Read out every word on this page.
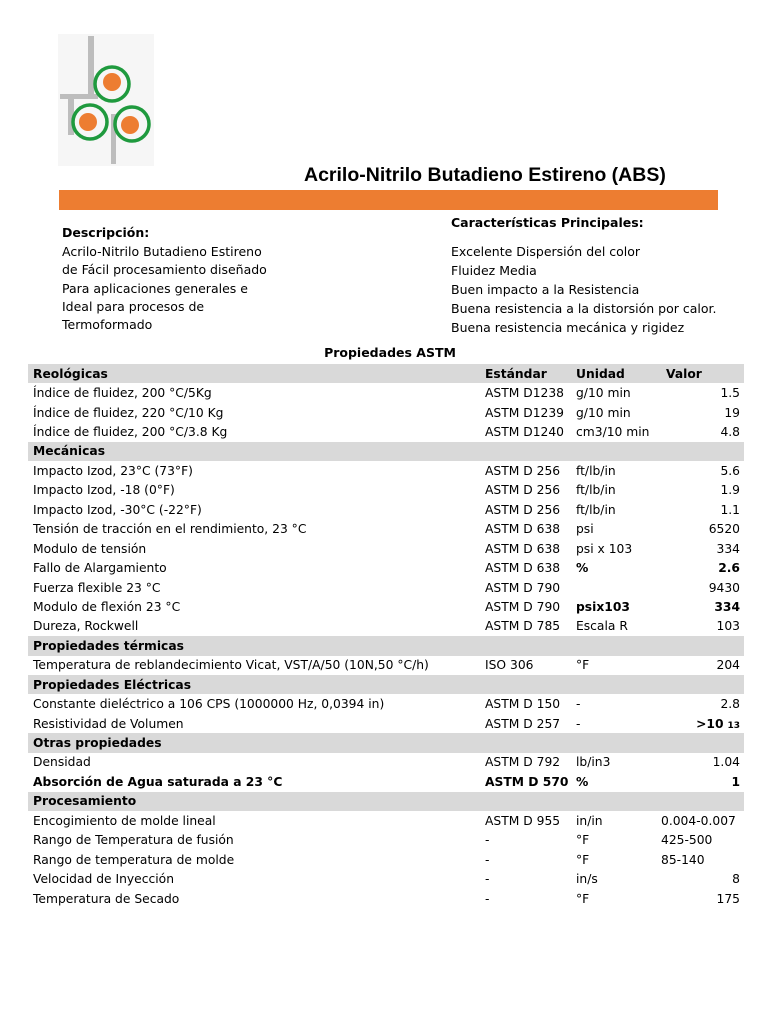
Acrilo-Nitrilo Butadieno Estireno (ABS)
Descripción:
Acrilo-Nitrilo Butadieno Estireno
de Fácil procesamiento diseñado
Para aplicaciones generales e
Ideal para procesos de
Termoformado
Características Principales:
Excelente Dispersión del color
Fluidez Media
Buen impacto a la Resistencia
Buena resistencia a la distorsión por calor.
Buena resistencia mecánica y rigidez
Propiedades ASTM
Reológicas	Estándar	Unidad	Valor
Índice de fluidez, 200 °C/5Kg	ASTM D1238	g/10 min	1.5
Índice de fluidez, 220 °C/10 Kg	ASTM D1239	g/10 min	19
Índice de fluidez, 200 °C/3.8 Kg	ASTM D1240	cm3/10 min	4.8
Mecánicas			
Impacto Izod, 23°C (73°F)	ASTM D 256	ft/lb/in	5.6
Impacto Izod, -18 (0°F)	ASTM D 256	ft/lb/in	1.9
Impacto Izod, -30°C (-22°F)	ASTM D 256	ft/lb/in	1.1
Tensión de tracción en el rendimiento, 23 °C	ASTM D 638	psi	6520
Modulo de tensión	ASTM D 638	psi x 103	334
Fallo de Alargamiento	ASTM D 638	%	2.6
Fuerza flexible 23 °C	ASTM D 790		9430
Modulo de flexión 23 °C	ASTM D 790	psix103	334
Dureza, Rockwell	ASTM D 785	Escala R	103
Propiedades térmicas			
Temperatura de reblandecimiento Vicat, VST/A/50 (10N,50 °C/h)	ISO 306	°F	204
Propiedades Eléctricas			
Constante dieléctrico a 106 CPS (1000000 Hz, 0,0394 in)	ASTM D 150	-	2.8
Resistividad de Volumen	ASTM D 257	-	>10 13
Otras propiedades			
Densidad	ASTM D 792	lb/in3	1.04
Absorción de Agua saturada a 23 °C	ASTM D 570	%	1
Procesamiento			
Encogimiento de molde lineal	ASTM D 955	in/in	0.004-0.007
Rango de Temperatura de fusión	-	°F	425-500
Rango de temperatura de molde	-	°F	85-140
Velocidad de Inyección	-	in/s	8
Temperatura de Secado	-	°F	175
